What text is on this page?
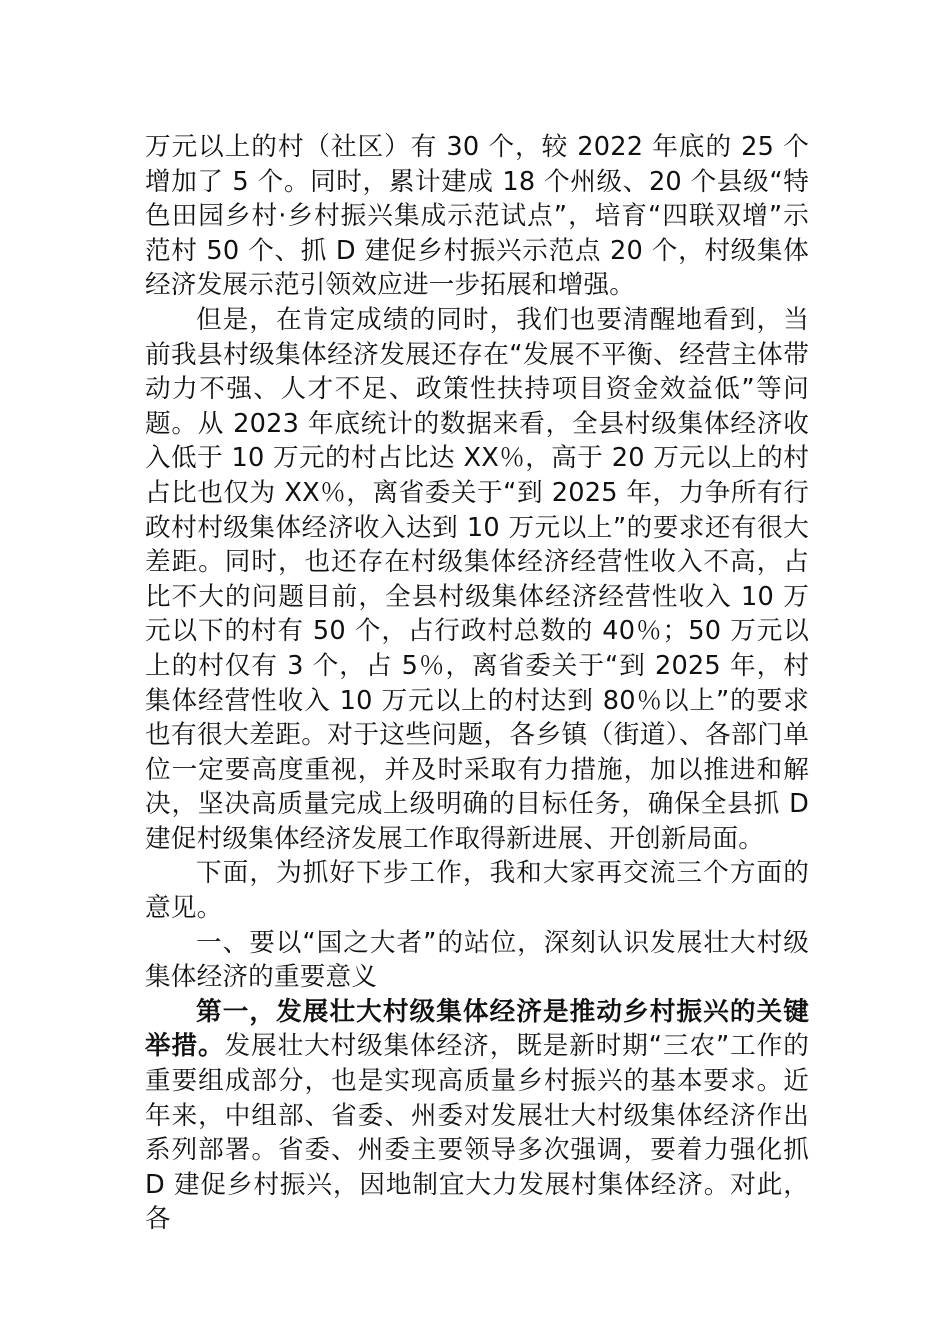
万元以上的村（社区）有 30 个，较 2022 年底的 25 个增加了 5 个。同时，累计建成 18 个州级、20 个县级“特色田园乡村·乡村振兴集成示范试点”，培育“四联双增”示范村 50 个、抓 D 建促乡村振兴示范点 20 个，村级集体经济发展示范引领效应进一步拓展和增强。

但是，在肯定成绩的同时，我们也要清醒地看到，当前我县村级集体经济发展还存在“发展不平衡、经营主体带动力不强、人才不足、政策性扶持项目资金效益低”等问题。从 2023 年底统计的数据来看，全县村级集体经济收入低于 10 万元的村占比达 XX％，高于 20 万元以上的村占比也仅为 XX％，离省委关于“到 2025 年，力争所有行政村村级集体经济收入达到 10 万元以上”的要求还有很大差距。同时，也还存在村级集体经济经营性收入不高，占比不大的问题目前，全县村级集体经济经营性收入 10 万元以下的村有 50 个，占行政村总数的 40％；50 万元以上的村仅有 3 个，占 5％，离省委关于“到 2025 年，村集体经营性收入 10 万元以上的村达到 80％以上”的要求也有很大差距。对于这些问题，各乡镇（街道）、各部门单位一定要高度重视，并及时采取有力措施，加以推进和解决，坚决高质量完成上级明确的目标任务，确保全县抓 D 建促村级集体经济发展工作取得新进展、开创新局面。

下面，为抓好下步工作，我和大家再交流三个方面的意见。

一、要以“国之大者”的站位，深刻认识发展壮大村级集体经济的重要意义

第一，发展壮大村级集体经济是推动乡村振兴的关键举措。发展壮大村级集体经济，既是新时期“三农”工作的重要组成部分，也是实现高质量乡村振兴的基本要求。近年来，中组部、省委、州委对发展壮大村级集体经济作出系列部署。省委、州委主要领导多次强调，要着力强化抓 D 建促乡村振兴，因地制宜大力发展村集体经济。对此，各
